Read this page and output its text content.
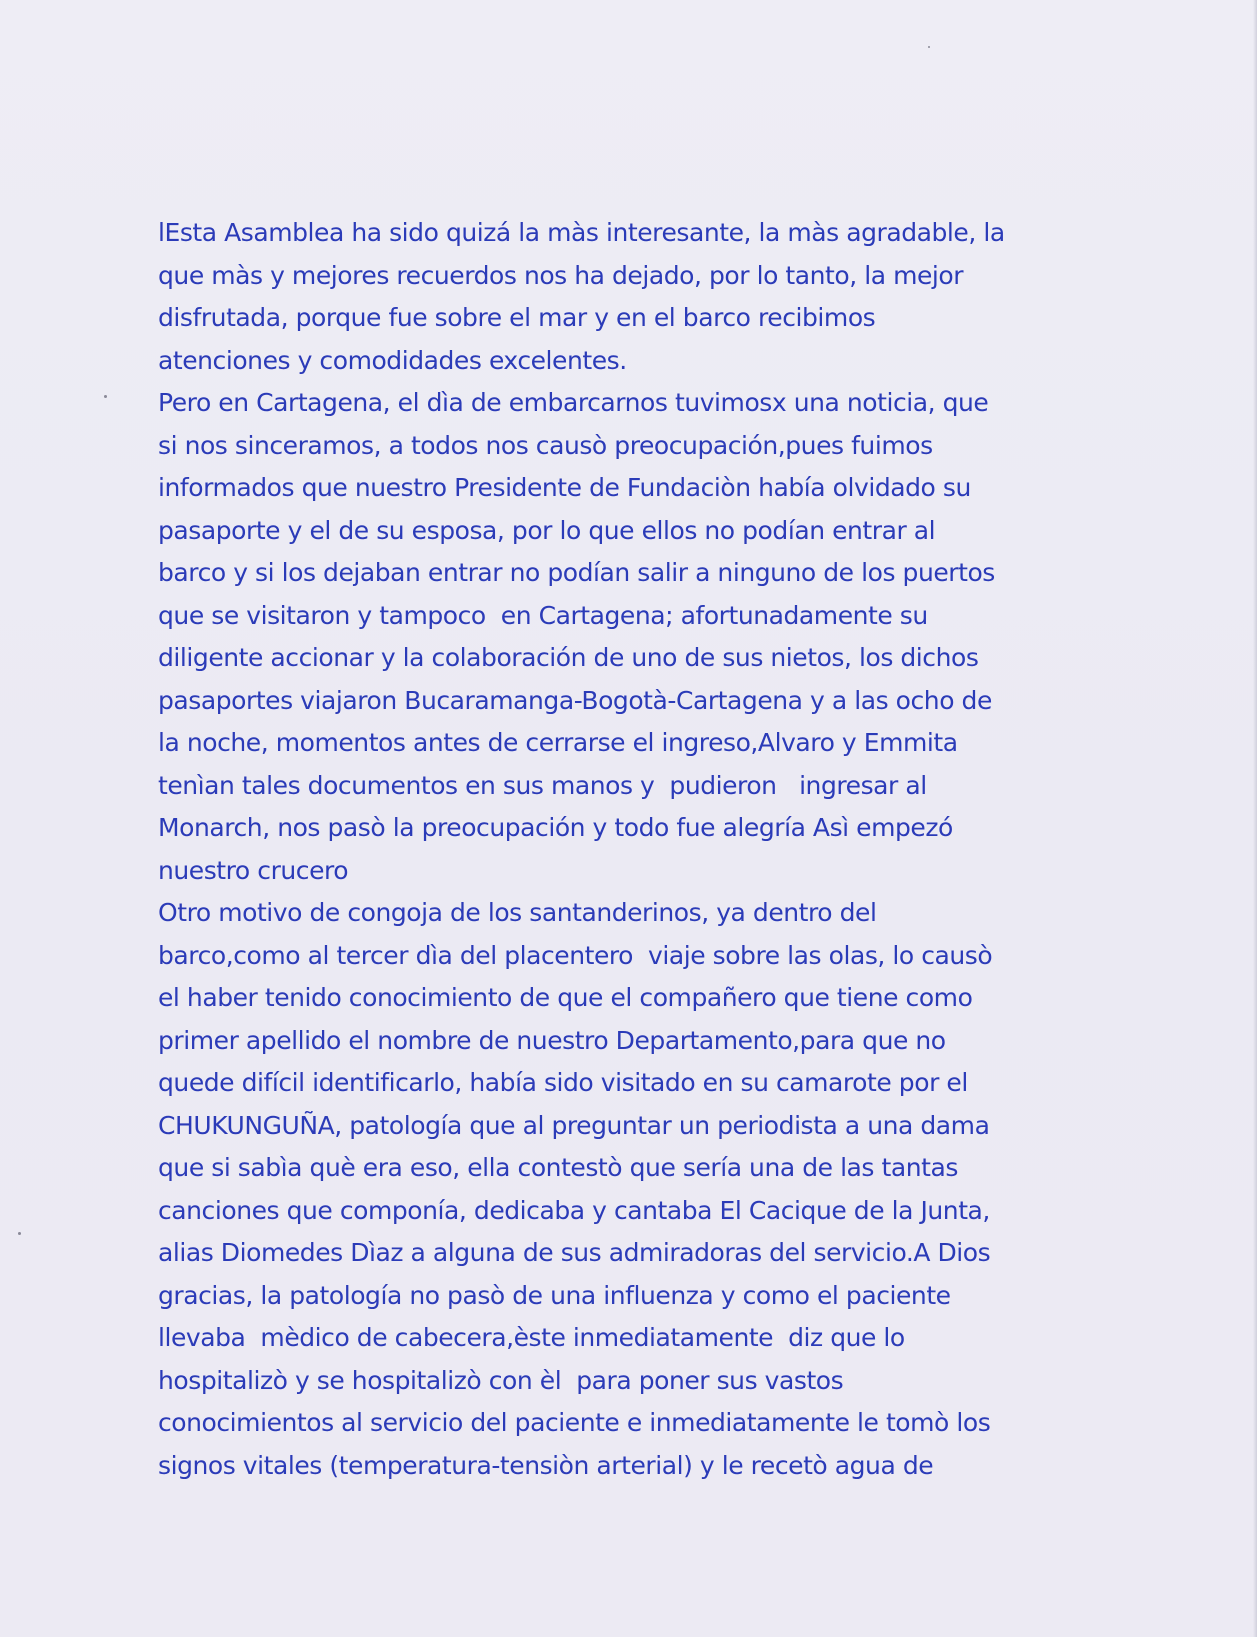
lEsta Asamblea ha sido quizá la màs interesante, la màs agradable, la
que màs y mejores recuerdos nos ha dejado, por lo tanto, la mejor
disfrutada, porque fue sobre el mar y en el barco recibimos
atenciones y comodidades excelentes.
Pero en Cartagena, el dìa de embarcarnos tuvimosx una noticia, que
si nos sinceramos, a todos nos causò preocupación,pues fuimos
informados que nuestro Presidente de Fundaciòn había olvidado su
pasaporte y el de su esposa, por lo que ellos no podían entrar al
barco y si los dejaban entrar no podían salir a ninguno de los puertos
que se visitaron y tampoco  en Cartagena; afortunadamente su
diligente accionar y la colaboración de uno de sus nietos, los dichos
pasaportes viajaron Bucaramanga-Bogotà-Cartagena y a las ocho de
la noche, momentos antes de cerrarse el ingreso,Alvaro y Emmita
tenìan tales documentos en sus manos y  pudieron   ingresar al
Monarch, nos pasò la preocupación y todo fue alegría Asì empezó
nuestro crucero
Otro motivo de congoja de los santanderinos, ya dentro del
barco,como al tercer dìa del placentero  viaje sobre las olas, lo causò
el haber tenido conocimiento de que el compañero que tiene como
primer apellido el nombre de nuestro Departamento,para que no
quede difícil identificarlo, había sido visitado en su camarote por el
CHUKUNGUÑA, patología que al preguntar un periodista a una dama
que si sabìa què era eso, ella contestò que sería una de las tantas
canciones que componía, dedicaba y cantaba El Cacique de la Junta,
alias Diomedes Dìaz a alguna de sus admiradoras del servicio.A Dios
gracias, la patología no pasò de una influenza y como el paciente
llevaba  mèdico de cabecera,èste inmediatamente  diz que lo
hospitalizò y se hospitalizò con èl  para poner sus vastos
conocimientos al servicio del paciente e inmediatamente le tomò los
signos vitales (temperatura-tensiòn arterial) y le recetò agua de
